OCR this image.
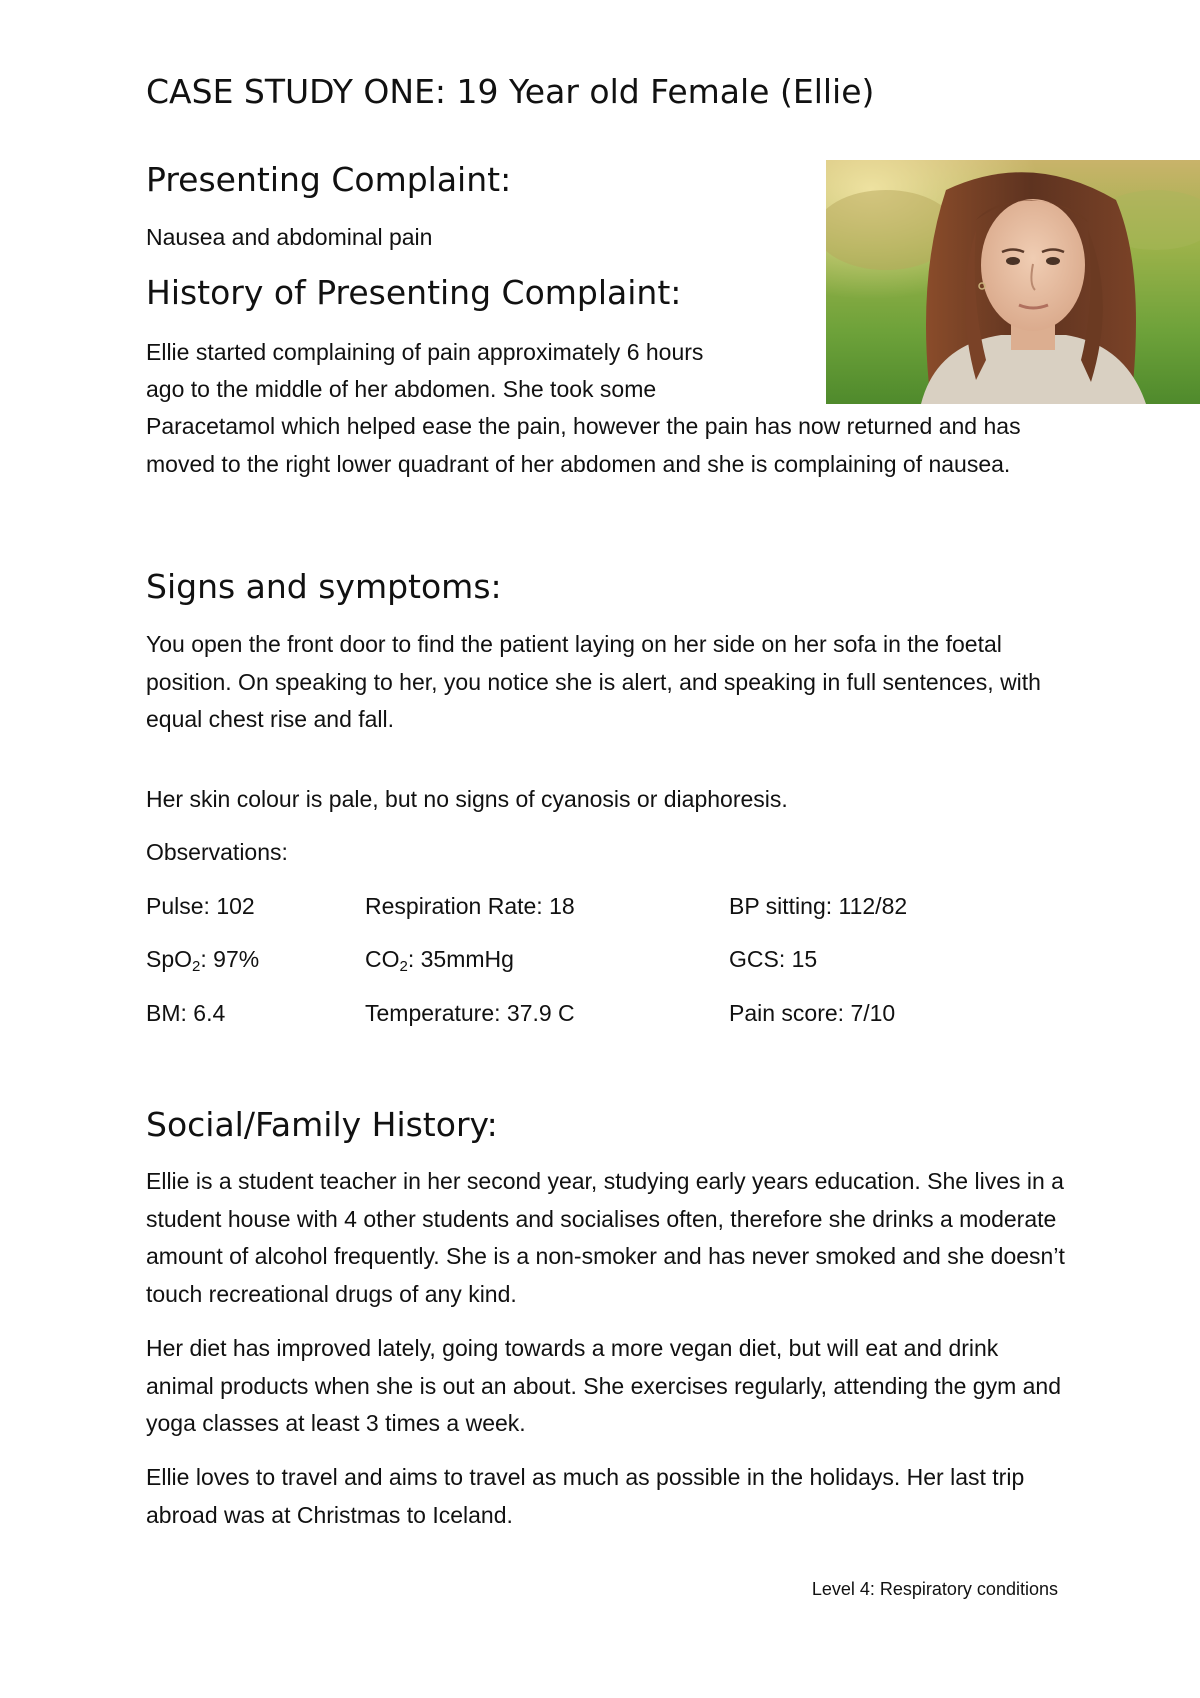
CASE STUDY ONE: 19 Year old Female (Ellie)
Presenting Complaint:

Nausea and abdominal pain

History of Presenting Complaint:

Ellie started complaining of pain approximately 6 hours

ago to the middle of her abdomen. She took some

Paracetamol which helped ease the pain, however the pain has now returned and has moved to the right lower quadrant of her abdomen and she is complaining of nausea.

Signs and symptoms:

You open the front door to find the patient laying on her side on her sofa in the foetal position. On speaking to her, you notice she is alert, and speaking in full sentences, with equal chest rise and fall.

Her skin colour is pale, but no signs of cyanosis or diaphoresis.

Observations:

Pulse: 102	Respiration Rate: 18	BP sitting: 112/82
SpO$_2$: 97%	$CO_2$: 35mmHg	GCS: 15
BM: 6.4	Temperature: 37.9 C	Pain score: 7/10
Social/Family History:

Ellie is a student teacher in her second year, studying early years education. She lives in a student house with 4 other students and socialises often, therefore she drinks a moderate amount of alcohol frequently. She is a non-smoker and has never smoked and she doesn’t touch recreational drugs of any kind.

Her diet has improved lately, going towards a more vegan diet, but will eat and drink animal products when she is out an about. She exercises regularly, attending the gym and yoga classes at least 3 times a week.

Ellie loves to travel and aims to travel as much as possible in the holidays. Her last trip abroad was at Christmas to Iceland.

Level 4: Respiratory conditions
